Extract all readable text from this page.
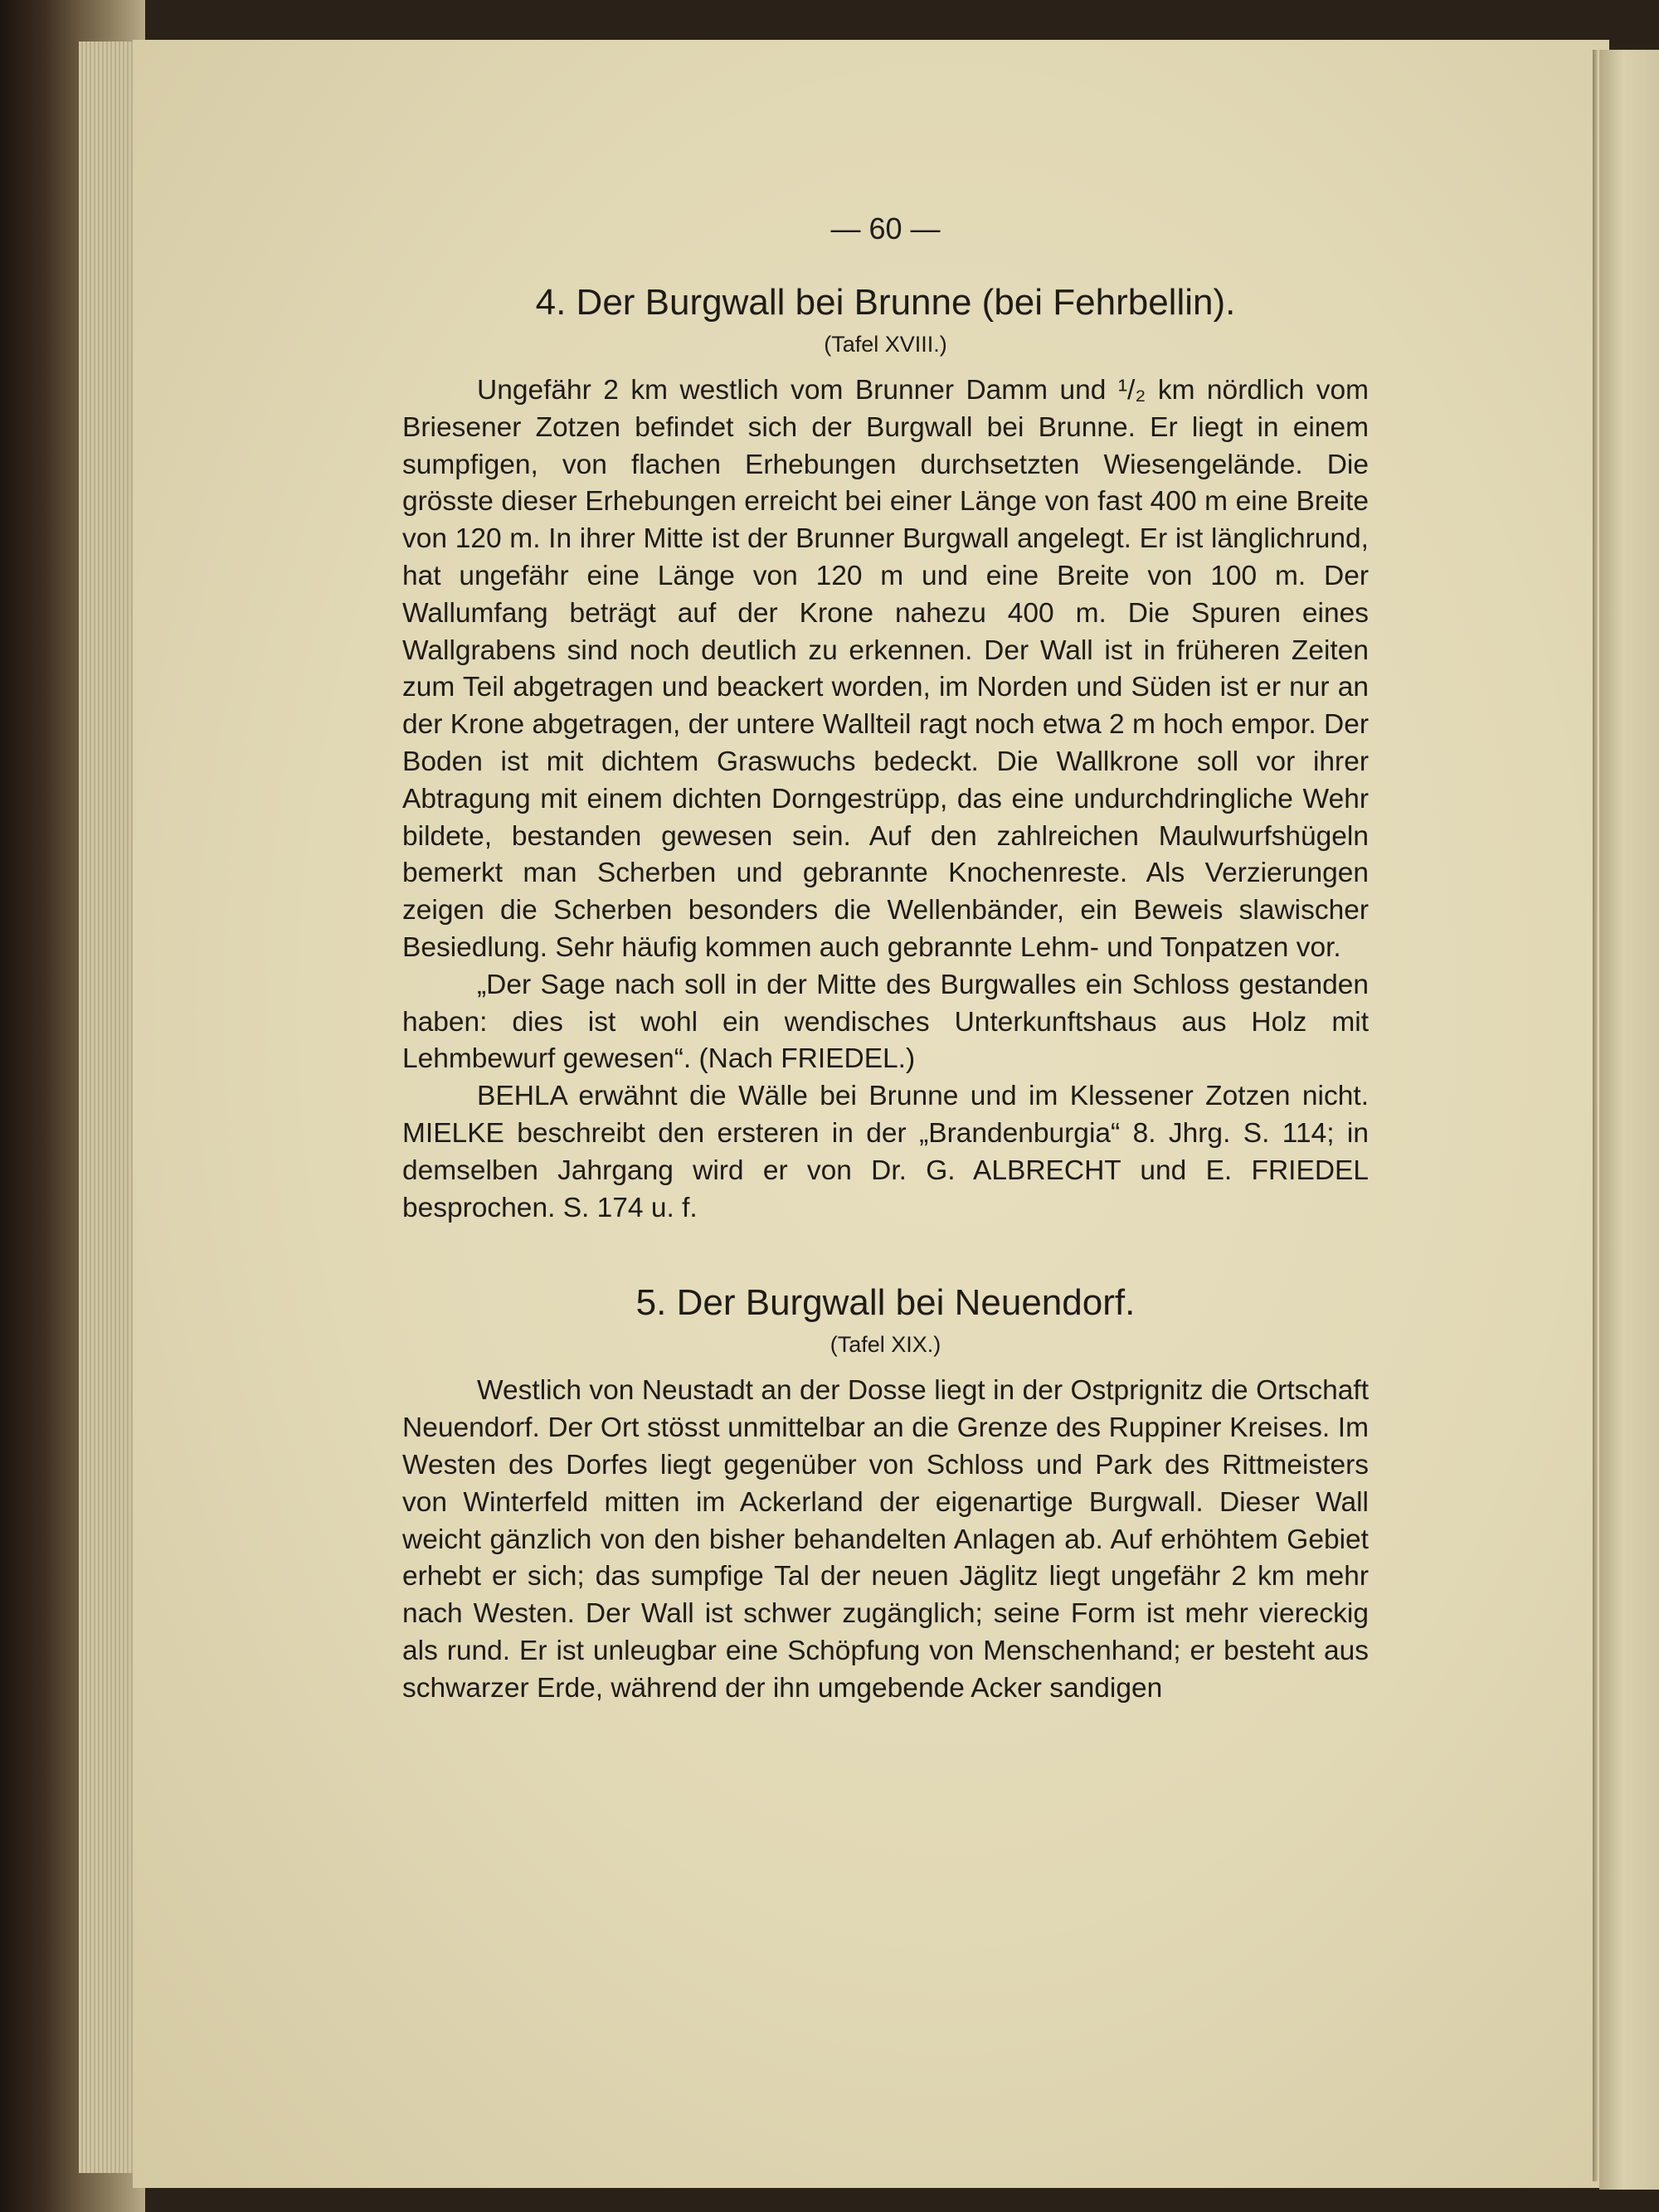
— 60 —
4. Der Burgwall bei Brunne (bei Fehrbellin).
(Tafel XVIII.)

Ungefähr 2 km westlich vom Brunner Damm und ¹/₂ km nördlich vom Briesener Zotzen befindet sich der Burgwall bei Brunne. Er liegt in einem sumpfigen, von flachen Erhebungen durchsetzten Wiesengelände. Die grösste dieser Erhebungen erreicht bei einer Länge von fast 400 m eine Breite von 120 m. In ihrer Mitte ist der Brunner Burgwall angelegt. Er ist länglichrund, hat ungefähr eine Länge von 120 m und eine Breite von 100 m. Der Wallumfang beträgt auf der Krone nahezu 400 m. Die Spuren eines Wallgrabens sind noch deutlich zu erkennen. Der Wall ist in früheren Zeiten zum Teil abgetragen und beackert worden, im Norden und Süden ist er nur an der Krone abgetragen, der untere Wallteil ragt noch etwa 2 m hoch empor. Der Boden ist mit dichtem Graswuchs bedeckt. Die Wallkrone soll vor ihrer Abtragung mit einem dichten Dorngestrüpp, das eine undurchdringliche Wehr bildete, bestanden gewesen sein. Auf den zahlreichen Maulwurfshügeln bemerkt man Scherben und gebrannte Knochenreste. Als Verzierungen zeigen die Scherben besonders die Wellenbänder, ein Beweis slawischer Besiedlung. Sehr häufig kommen auch gebrannte Lehm- und Tonpatzen vor.

„Der Sage nach soll in der Mitte des Burgwalles ein Schloss gestanden haben: dies ist wohl ein wendisches Unterkunftshaus aus Holz mit Lehmbewurf gewesen“. (Nach FRIEDEL.)

BEHLA erwähnt die Wälle bei Brunne und im Klessener Zotzen nicht. MIELKE beschreibt den ersteren in der „Brandenburgia“ 8. Jhrg. S. 114; in demselben Jahrgang wird er von Dr. G. ALBRECHT und E. FRIEDEL besprochen. S. 174 u. f.

5. Der Burgwall bei Neuendorf.
(Tafel XIX.)

Westlich von Neustadt an der Dosse liegt in der Ostprignitz die Ortschaft Neuendorf. Der Ort stösst unmittelbar an die Grenze des Ruppiner Kreises. Im Westen des Dorfes liegt gegenüber von Schloss und Park des Rittmeisters von Winterfeld mitten im Ackerland der eigenartige Burgwall. Dieser Wall weicht gänzlich von den bisher behandelten Anlagen ab. Auf erhöhtem Gebiet erhebt er sich; das sumpfige Tal der neuen Jäglitz liegt ungefähr 2 km mehr nach Westen. Der Wall ist schwer zugänglich; seine Form ist mehr viereckig als rund. Er ist unleugbar eine Schöpfung von Menschenhand; er besteht aus schwarzer Erde, während der ihn umgebende Acker sandigen
